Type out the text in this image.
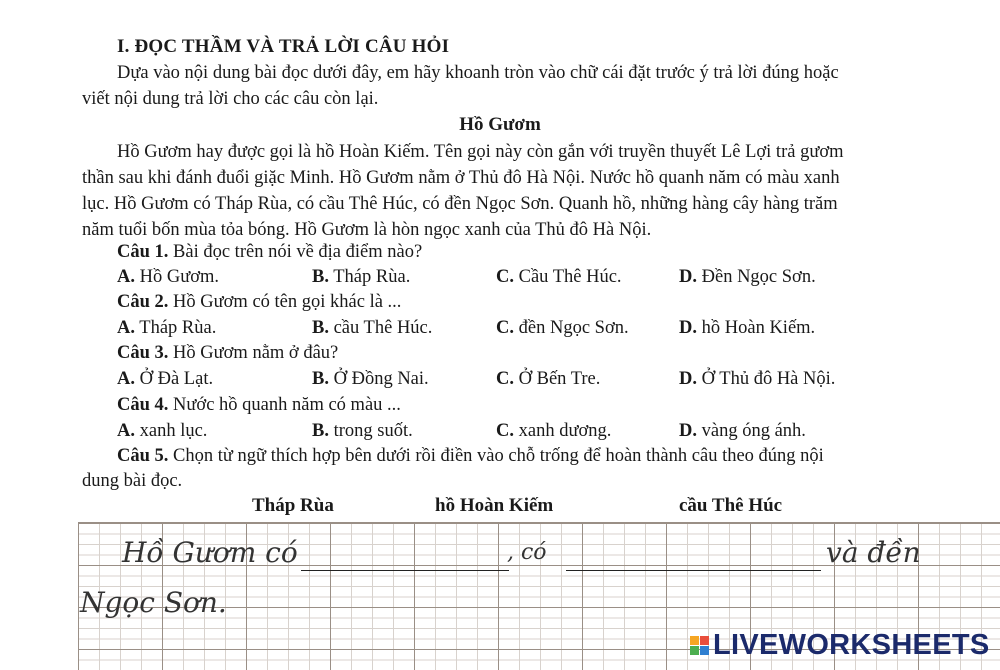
I. ĐỌC THẦM VÀ TRẢ LỜI CÂU HỎI
Dựa vào nội dung bài đọc dưới đây, em hãy khoanh tròn vào chữ cái đặt trước ý trả lời đúng hoặc
viết nội dung trả lời cho các câu còn lại.
Hồ Gươm
Hồ Gươm hay được gọi là hồ Hoàn Kiếm. Tên gọi này còn gắn với truyền thuyết Lê Lợi trả gươm
thần sau khi đánh đuổi giặc Minh. Hồ Gươm nằm ở Thủ đô Hà Nội. Nước hồ quanh năm có màu xanh
lục. Hồ Gươm có Tháp Rùa, có cầu Thê Húc, có đền Ngọc Sơn. Quanh hồ, những hàng cây hàng trăm
năm tuổi bốn mùa tỏa bóng. Hồ Gươm là hòn ngọc xanh của Thủ đô Hà Nội.
Câu 1. Bài đọc trên nói về địa điểm nào?
A. Hồ Gươm.	B. Tháp Rùa.	C. Cầu Thê Húc.	D. Đền Ngọc Sơn.
Câu 2. Hồ Gươm có tên gọi khác là ...
A. Tháp Rùa.	B. cầu Thê Húc.	C. đền Ngọc Sơn.	D. hồ Hoàn Kiếm.
Câu 3. Hồ Gươm nằm ở đâu?
A. Ở Đà Lạt.	B. Ở Đồng Nai.	C. Ở Bến Tre.	D. Ở Thủ đô Hà Nội.
Câu 4. Nước hồ quanh năm có màu ...
A. xanh lục.	B. trong suốt.	C. xanh dương.	D. vàng óng ánh.
Câu 5. Chọn từ ngữ thích hợp bên dưới rồi điền vào chỗ trống để hoàn thành câu theo đúng nội
dung bài đọc.
Tháp Rùa	hồ Hoàn Kiếm	cầu Thê Húc
Hồ Gươm có	, có	và đền
Ngọc Sơn.
LIVEWORKSHEETS
